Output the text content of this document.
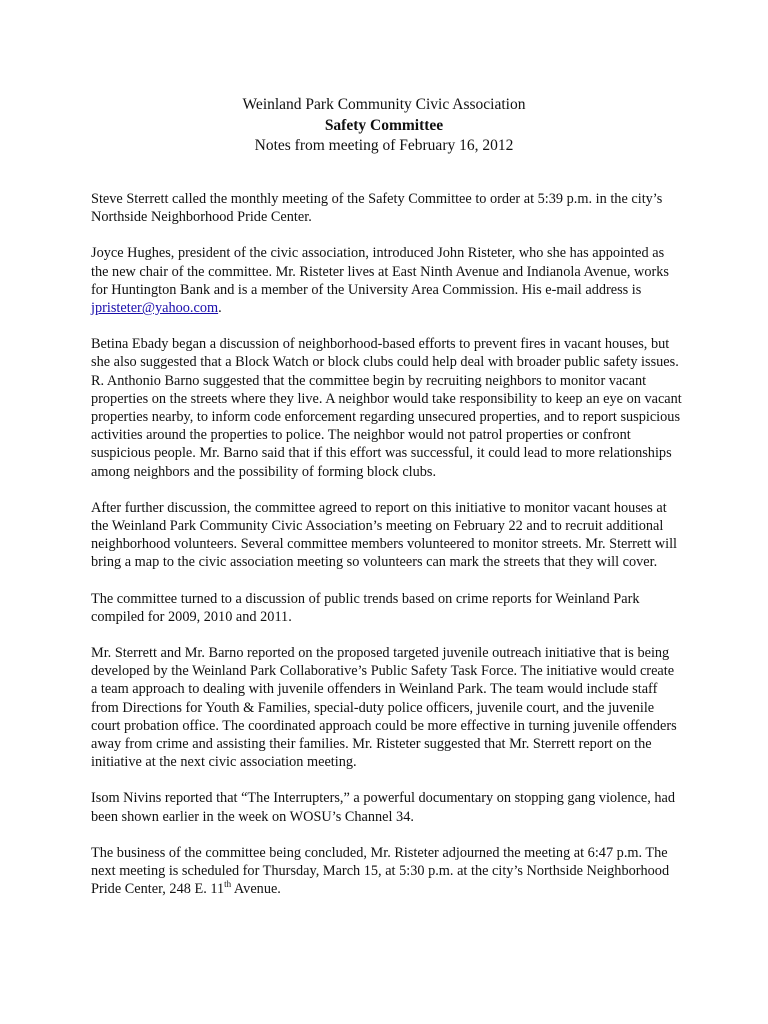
Weinland Park Community Civic Association
Safety Committee
Notes from meeting of February 16, 2012

Steve Sterrett called the monthly meeting of the Safety Committee to order at 5:39 p.m. in the city’s Northside Neighborhood Pride Center.

Joyce Hughes, president of the civic association, introduced John Risteter, who she has appointed as the new chair of the committee. Mr. Risteter lives at East Ninth Avenue and Indianola Avenue, works for Huntington Bank and is a member of the University Area Commission. His e-mail address is jpristeter@yahoo.com.

Betina Ebady began a discussion of neighborhood-based efforts to prevent fires in vacant houses, but she also suggested that a Block Watch or block clubs could help deal with broader public safety issues. R. Anthonio Barno suggested that the committee begin by recruiting neighbors to monitor vacant properties on the streets where they live. A neighbor would take responsibility to keep an eye on vacant properties nearby, to inform code enforcement regarding unsecured properties, and to report suspicious activities around the properties to police. The neighbor would not patrol properties or confront suspicious people. Mr. Barno said that if this effort was successful, it could lead to more relationships among neighbors and the possibility of forming block clubs.

After further discussion, the committee agreed to report on this initiative to monitor vacant houses at the Weinland Park Community Civic Association’s meeting on February 22 and to recruit additional neighborhood volunteers. Several committee members volunteered to monitor streets. Mr. Sterrett will bring a map to the civic association meeting so volunteers can mark the streets that they will cover.

The committee turned to a discussion of public trends based on crime reports for Weinland Park compiled for 2009, 2010 and 2011.

Mr. Sterrett and Mr. Barno reported on the proposed targeted juvenile outreach initiative that is being developed by the Weinland Park Collaborative’s Public Safety Task Force. The initiative would create a team approach to dealing with juvenile offenders in Weinland Park. The team would include staff from Directions for Youth & Families, special-duty police officers, juvenile court, and the juvenile court probation office. The coordinated approach could be more effective in turning juvenile offenders away from crime and assisting their families. Mr. Risteter suggested that Mr. Sterrett report on the initiative at the next civic association meeting.

Isom Nivins reported that “The Interrupters,” a powerful documentary on stopping gang violence, had been shown earlier in the week on WOSU’s Channel 34.

The business of the committee being concluded, Mr. Risteter adjourned the meeting at 6:47 p.m. The next meeting is scheduled for Thursday, March 15, at 5:30 p.m. at the city’s Northside Neighborhood Pride Center, 248 E. 11th Avenue.
